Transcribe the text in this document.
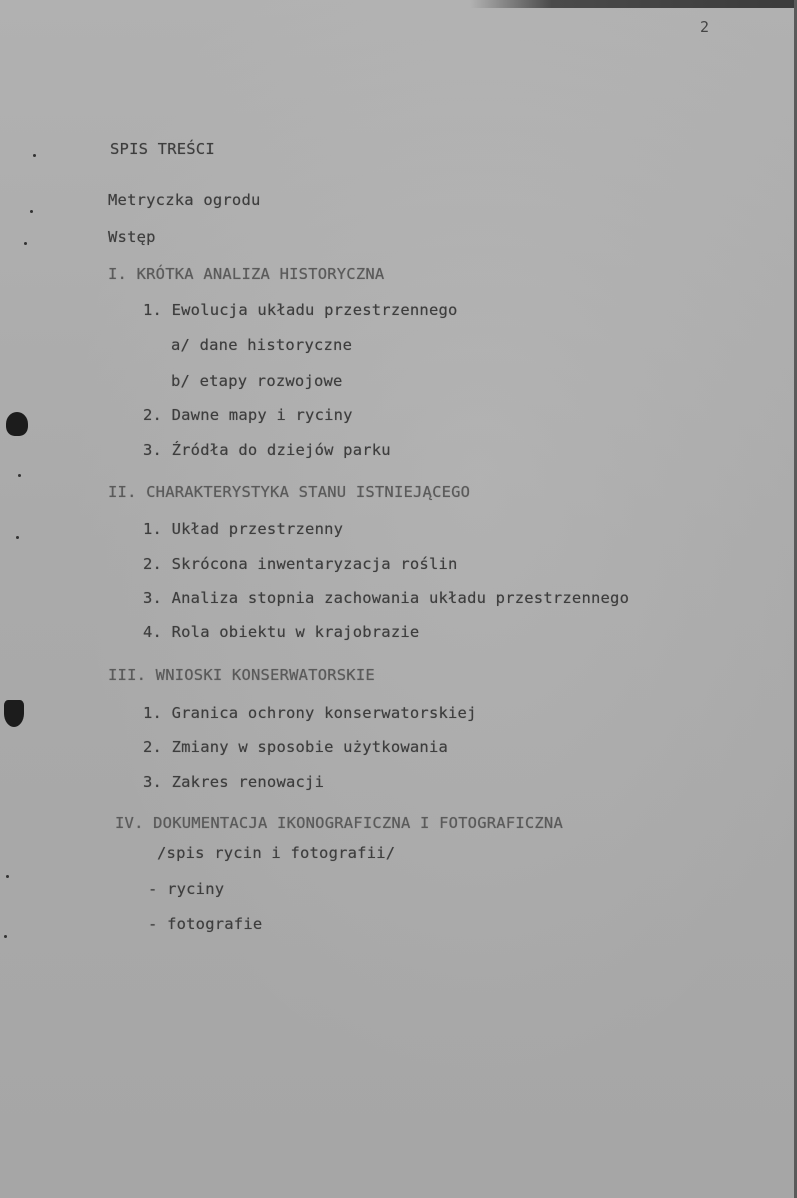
2
SPIS TREŚCI
Metryczka ogrodu
Wstęp
I. KRÓTKA ANALIZA HISTORYCZNA
1. Ewolucja układu przestrzennego
a/ dane historyczne
b/ etapy rozwojowe
2. Dawne mapy i ryciny
3. Źródła do dziejów parku
II. CHARAKTERYSTYKA STANU ISTNIEJĄCEGO
1. Układ przestrzenny
2. Skrócona inwentaryzacja roślin
3. Analiza stopnia zachowania układu przestrzennego
4. Rola obiektu w krajobrazie
III. WNIOSKI KONSERWATORSKIE
1. Granica ochrony konserwatorskiej
2. Zmiany w sposobie użytkowania
3. Zakres renowacji
IV. DOKUMENTACJA IKONOGRAFICZNA I FOTOGRAFICZNA
/spis rycin i fotografii/
- ryciny
- fotografie
